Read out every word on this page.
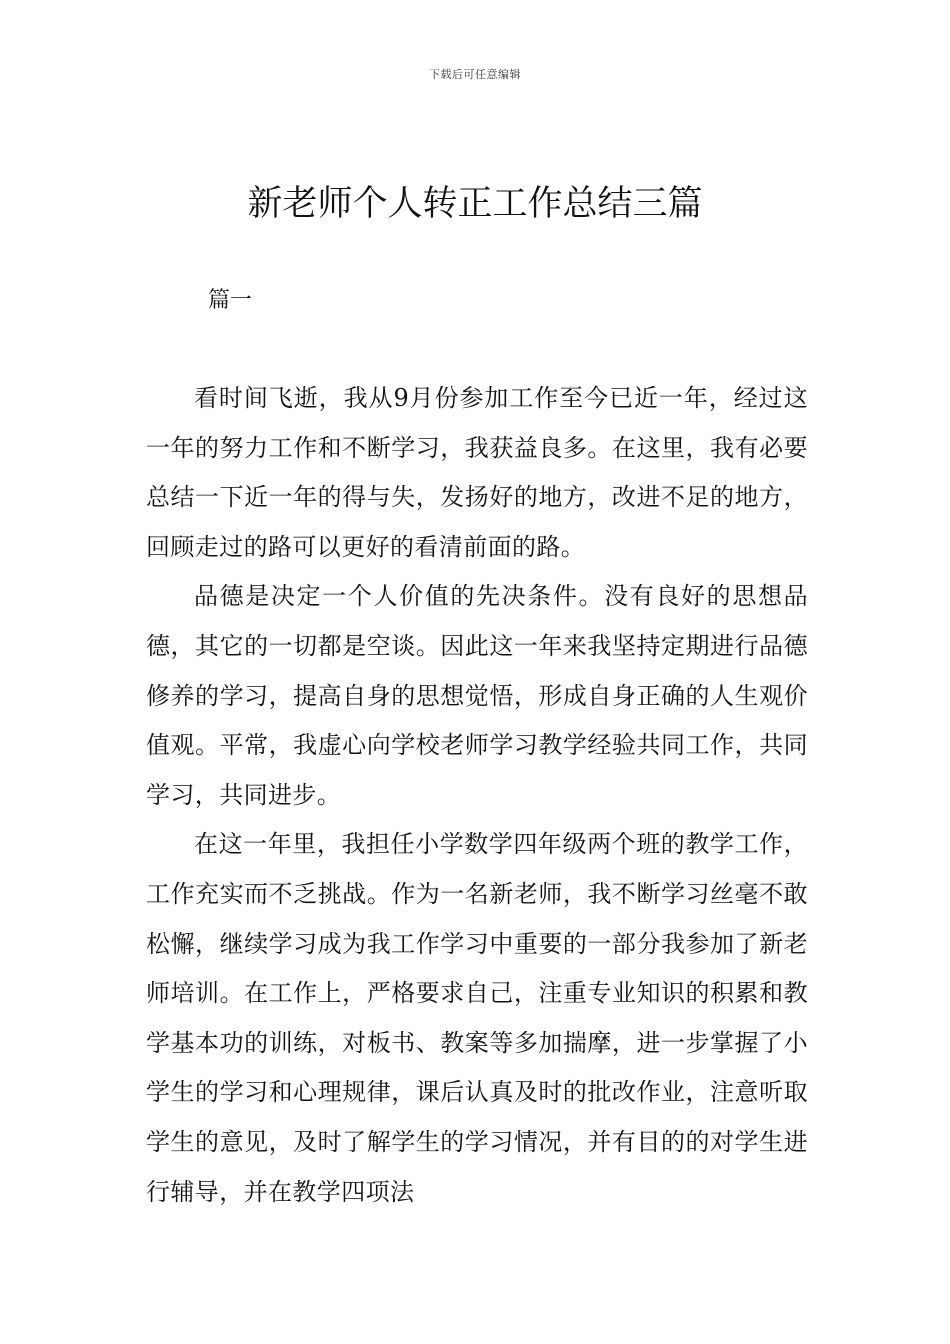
下载后可任意编辑
新老师个人转正工作总结三篇
篇一

看时间飞逝，我从9月份参加工作至今已近一年，经过这一年的努力工作和不断学习，我获益良多。在这里，我有必要总结一下近一年的得与失，发扬好的地方，改进不足的地方，回顾走过的路可以更好的看清前面的路。

品德是决定一个人价值的先决条件。没有良好的思想品德，其它的一切都是空谈。因此这一年来我坚持定期进行品德修养的学习，提高自身的思想觉悟，形成自身正确的人生观价值观。平常，我虚心向学校老师学习教学经验共同工作，共同学习，共同进步。

在这一年里，我担任小学数学四年级两个班的教学工作，工作充实而不乏挑战。作为一名新老师，我不断学习丝毫不敢松懈，继续学习成为我工作学习中重要的一部分我参加了新老师培训。在工作上，严格要求自己，注重专业知识的积累和教学基本功的训练，对板书、教案等多加揣摩，进一步掌握了小学生的学习和心理规律，课后认真及时的批改作业，注意听取学生的意见，及时了解学生的学习情况，并有目的的对学生进行辅导，并在教学四项法
